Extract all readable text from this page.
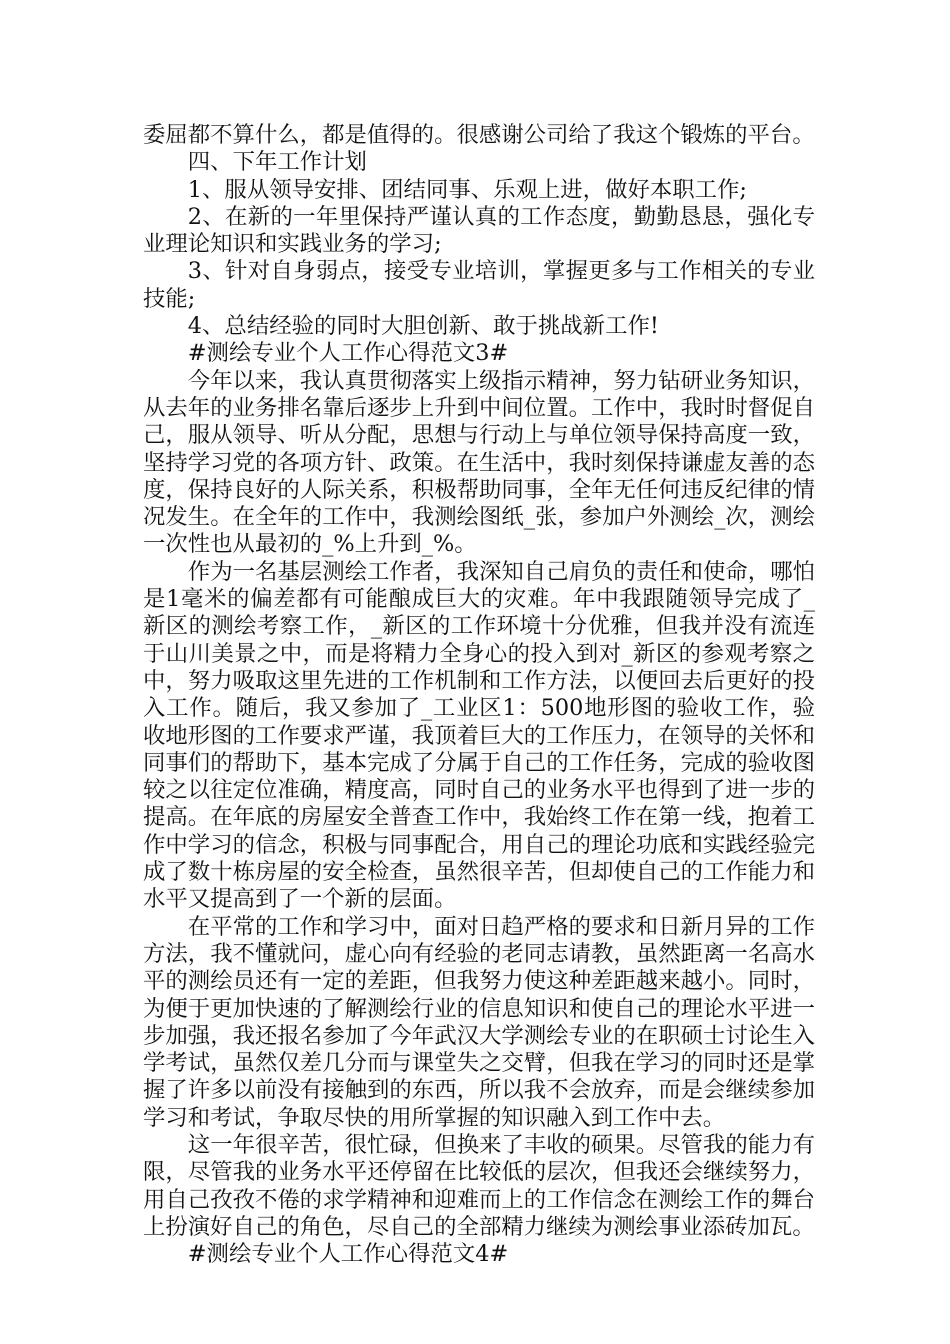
委屈都不算什么，都是值得的。很感谢公司给了我这个锻炼的平台。

四、下年工作计划

1、服从领导安排、团结同事、乐观上进，做好本职工作;

2、在新的一年里保持严谨认真的工作态度，勤勤恳恳，强化专业理论知识和实践业务的学习;

3、针对自身弱点，接受专业培训，掌握更多与工作相关的专业技能;

4、总结经验的同时大胆创新、敢于挑战新工作!

#测绘专业个人工作心得范文3#

今年以来，我认真贯彻落实上级指示精神，努力钻研业务知识，从去年的业务排名靠后逐步上升到中间位置。工作中，我时时督促自己，服从领导、听从分配，思想与行动上与单位领导保持高度一致，坚持学习党的各项方针、政策。在生活中，我时刻保持谦虚友善的态度，保持良好的人际关系，积极帮助同事，全年无任何违反纪律的情况发生。在全年的工作中，我测绘图纸_张，参加户外测绘_次，测绘一次性也从最初的_%上升到_%。

作为一名基层测绘工作者，我深知自己肩负的责任和使命，哪怕是1毫米的偏差都有可能酿成巨大的灾难。年中我跟随领导完成了_新区的测绘考察工作，_新区的工作环境十分优雅，但我并没有流连于山川美景之中，而是将精力全身心的投入到对_新区的参观考察之中，努力吸取这里先进的工作机制和工作方法，以便回去后更好的投入工作。随后，我又参加了_工业区1：500地形图的验收工作，验收地形图的工作要求严谨，我顶着巨大的工作压力，在领导的关怀和同事们的帮助下，基本完成了分属于自己的工作任务，完成的验收图较之以往定位准确，精度高，同时自己的业务水平也得到了进一步的提高。在年底的房屋安全普查工作中，我始终工作在第一线，抱着工作中学习的信念，积极与同事配合，用自己的理论功底和实践经验完成了数十栋房屋的安全检查，虽然很辛苦，但却使自己的工作能力和水平又提高到了一个新的层面。

在平常的工作和学习中，面对日趋严格的要求和日新月异的工作方法，我不懂就问，虚心向有经验的老同志请教，虽然距离一名高水平的测绘员还有一定的差距，但我努力使这种差距越来越小。同时，为便于更加快速的了解测绘行业的信息知识和使自己的理论水平进一步加强，我还报名参加了今年武汉大学测绘专业的在职硕士讨论生入学考试，虽然仅差几分而与课堂失之交臂，但我在学习的同时还是掌握了许多以前没有接触到的东西，所以我不会放弃，而是会继续参加学习和考试，争取尽快的用所掌握的知识融入到工作中去。

这一年很辛苦，很忙碌，但换来了丰收的硕果。尽管我的能力有限，尽管我的业务水平还停留在比较低的层次，但我还会继续努力，用自己孜孜不倦的求学精神和迎难而上的工作信念在测绘工作的舞台上扮演好自己的角色，尽自己的全部精力继续为测绘事业添砖加瓦。

#测绘专业个人工作心得范文4#
